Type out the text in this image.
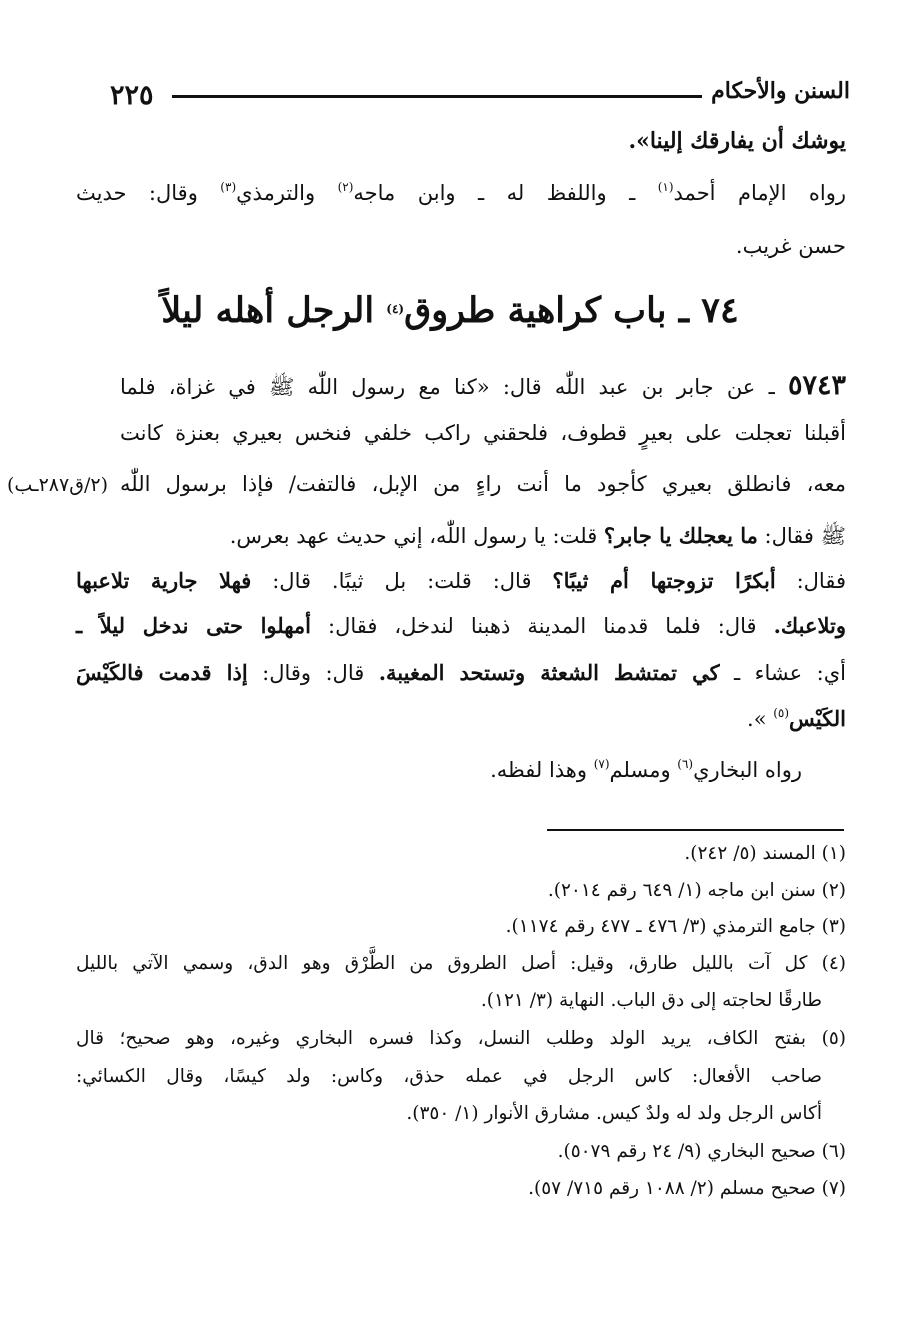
٢٢٥	السنن والأحكام
يوشك أن يفارقك إلينا».
رواه الإمام أحمد$^{(١)}$ ـ واللفظ له ـ وابن ماجه$^{(٢)}$ والترمذي$^{(٣)}$ وقال: حديث
حسن غريب.
٧٤ ـ باب كراهية طروق$^{(٤)}$ الرجل أهله ليلاً
٥٧٤٣ ـ عن جابر بن عبد اللّٰه قال: «كنا مع رسول اللّٰه ﷺ في غزاة، فلما
أقبلنا تعجلت على بعيرٍ قطوف، فلحقني راكب خلفي فنخس بعيري بعنزة كانت
معه، فانطلق بعيري كأجود ما أنت راءٍ من الإبل، فالتفت/ فإذا برسول اللّٰه
(٢/ق٢٨٧ـب)
ﷺ فقال: ما يعجلك يا جابر؟ قلت: يا رسول اللّٰه، إني حديث عهد بعرس.
فقال: أبكرًا تزوجتها أم ثيبًا؟ قال: قلت: بل ثيبًا. قال: فهلا جارية تلاعبها
وتلاعبك. قال: فلما قدمنا المدينة ذهبنا لندخل، فقال: أمهلوا حتى ندخل ليلاً ـ
أي: عشاء ـ كي تمتشط الشعثة وتستحد المغيبة. قال: وقال: إذا قدمت فالكَيْسَ
الكَيْس$^{(٥)}$ ».
رواه البخاري$^{(٦)}$ ومسلم$^{(٧)}$ وهذا لفظه.
(١) المسند (٥/ ٢٤٢).
(٢) سنن ابن ماجه (١/ ٦٤٩ رقم ٢٠١٤).
(٣) جامع الترمذي (٣/ ٤٧٦ ـ ٤٧٧ رقم ١١٧٤).
(٤) كل آت بالليل طارق، وقيل: أصل الطروق من الطَّرْق وهو الدق، وسمي الآتي بالليل
طارقًا لحاجته إلى دق الباب. النهاية (٣/ ١٢١).
(٥) بفتح الكاف، يريد الولد وطلب النسل، وكذا فسره البخاري وغيره، وهو صحيح؛ قال
صاحب الأفعال: كاس الرجل في عمله حذق، وكاس: ولد كيسًا، وقال الكسائي:
أكاس الرجل ولد له ولدٌ كيس. مشارق الأنوار (١/ ٣٥٠).
(٦) صحيح البخاري (٩/ ٢٤ رقم ٥٠٧٩).
(٧) صحيح مسلم (٢/ ١٠٨٨ رقم ٧١٥/ ٥٧).
